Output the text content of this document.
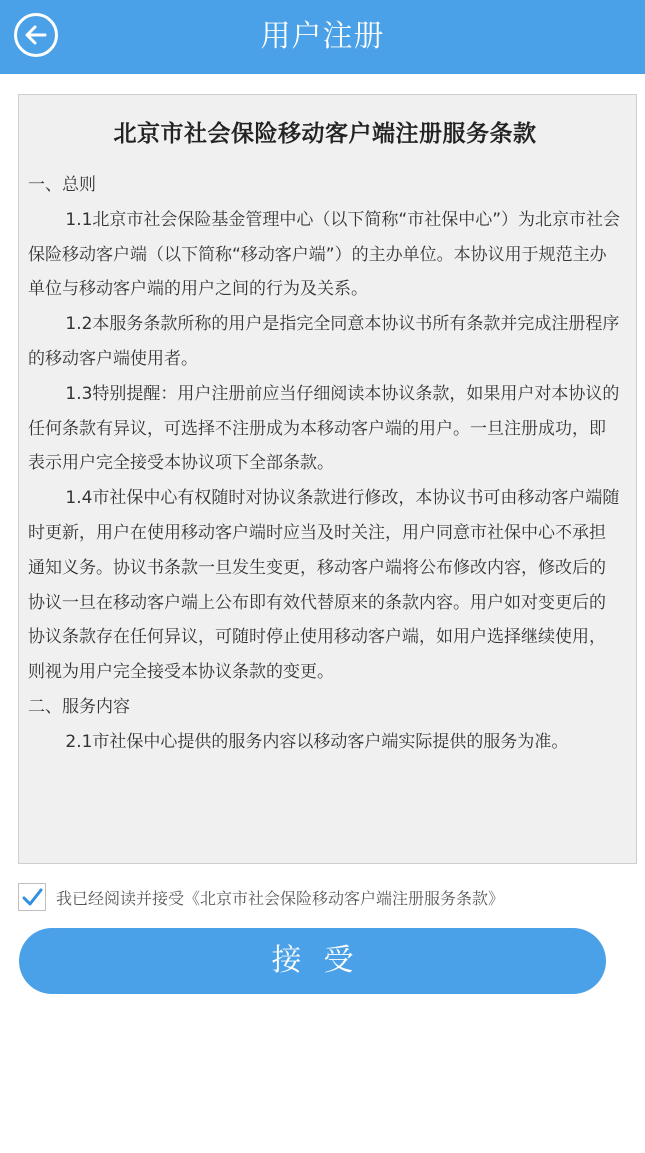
用户注册
北京市社会保险移动客户端注册服务条款

一、总则

1.1北京市社会保险基金管理中心（以下简称“市社保中心”）为北京市社会保险移动客户端（以下简称“移动客户端”）的主办单位。本协议用于规范主办单位与移动客户端的用户之间的行为及关系。

1.2本服务条款所称的用户是指完全同意本协议书所有条款并完成注册程序的移动客户端使用者。

1.3特别提醒：用户注册前应当仔细阅读本协议条款，如果用户对本协议的任何条款有异议，可选择不注册成为本移动客户端的用户。一旦注册成功，即表示用户完全接受本协议项下全部条款。

1.4市社保中心有权随时对协议条款进行修改，本协议书可由移动客户端随时更新，用户在使用移动客户端时应当及时关注，用户同意市社保中心不承担通知义务。协议书条款一旦发生变更，移动客户端将公布修改内容，修改后的协议一旦在移动客户端上公布即有效代替原来的条款内容。用户如对变更后的协议条款存在任何异议，可随时停止使用移动客户端，如用户选择继续使用，则视为用户完全接受本协议条款的变更。

二、服务内容

2.1市社保中心提供的服务内容以移动客户端实际提供的服务为准。

我已经阅读并接受《北京市社会保险移动客户端注册服务条款》
接受
